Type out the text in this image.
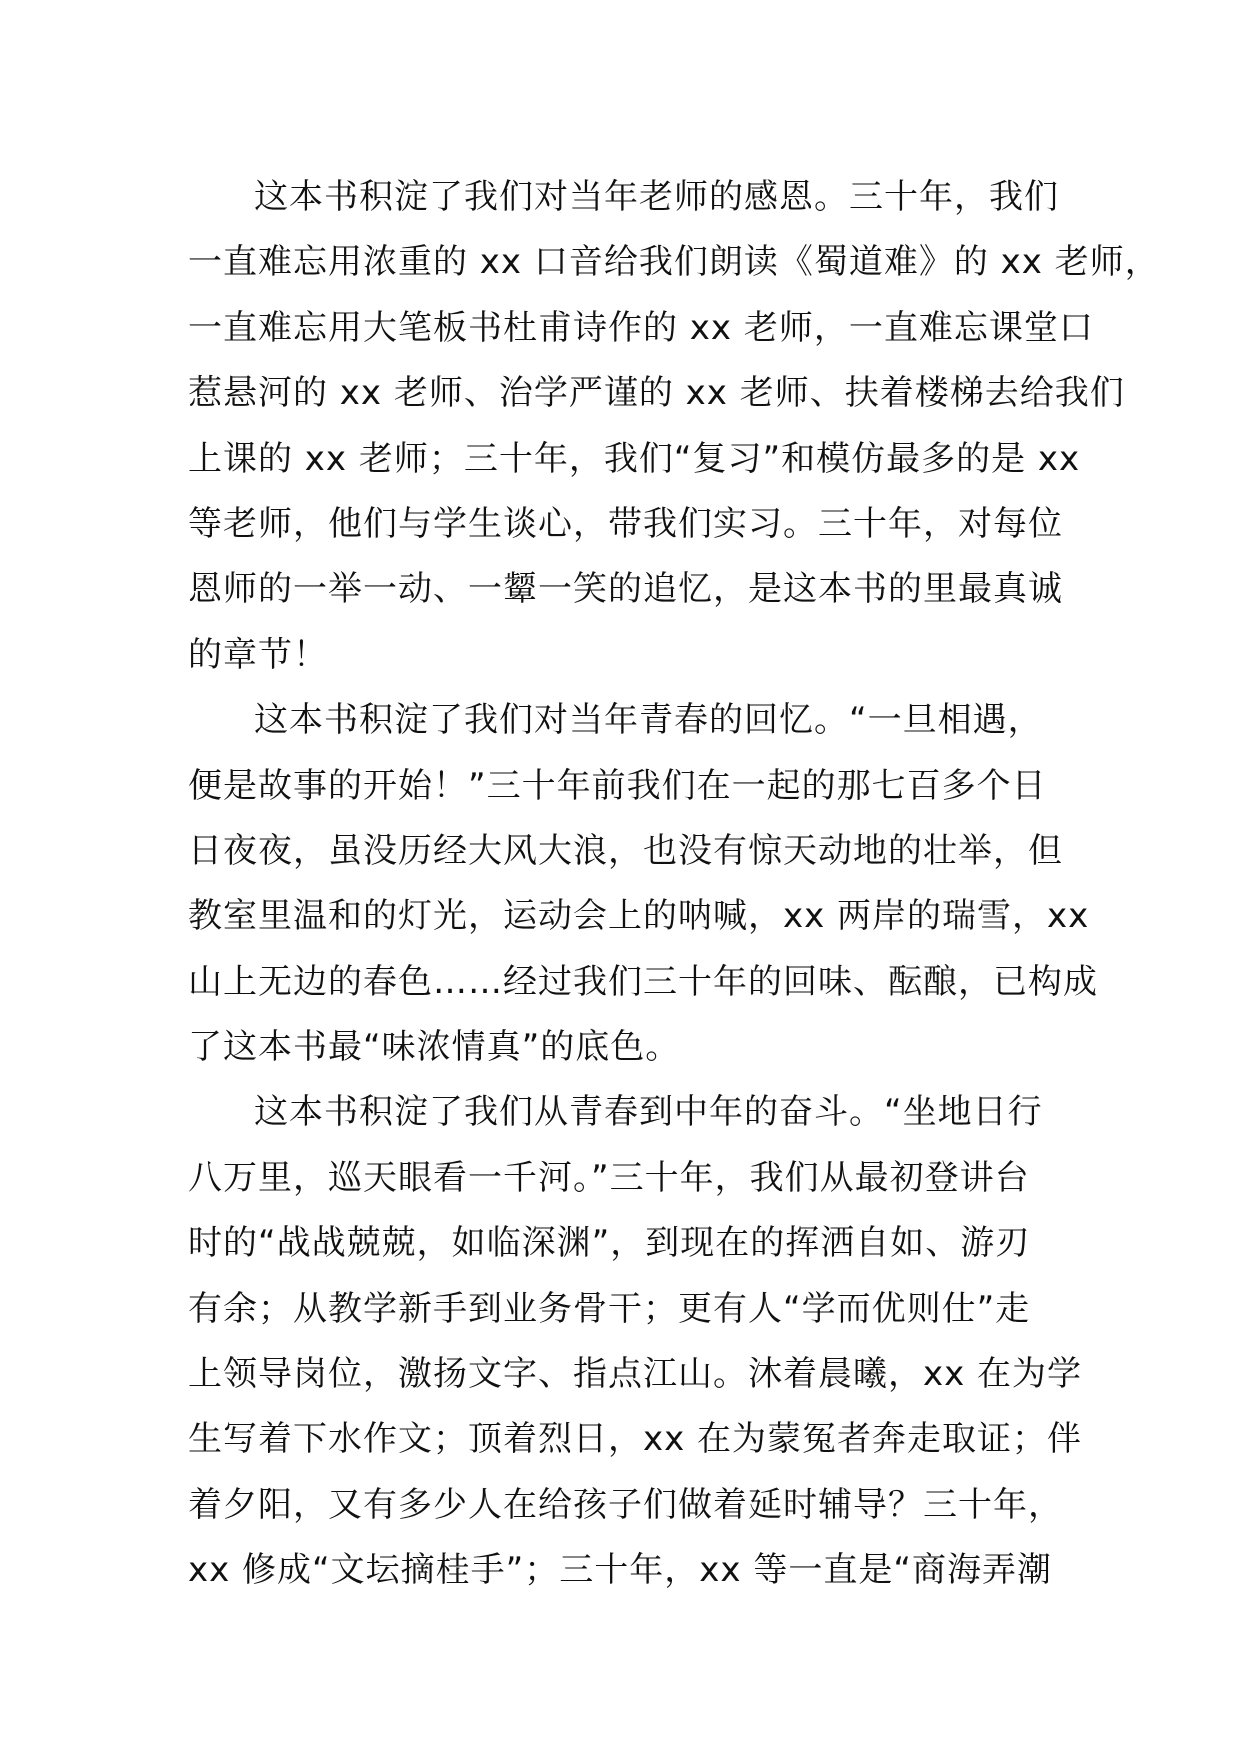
这本书积淀了我们对当年老师的感恩。三十年，我们
一直难忘用浓重的 xx 口音给我们朗读《蜀道难》的 xx 老师，
一直难忘用大笔板书杜甫诗作的 xx 老师，一直难忘课堂口
惹悬河的 xx 老师、治学严谨的 xx 老师、扶着楼梯去给我们
上课的 xx 老师；三十年，我们“复习”和模仿最多的是 xx
等老师，他们与学生谈心，带我们实习。三十年，对每位
恩师的一举一动、一颦一笑的追忆，是这本书的里最真诚
的章节！
这本书积淀了我们对当年青春的回忆。“一旦相遇，
便是故事的开始！”三十年前我们在一起的那七百多个日
日夜夜，虽没历经大风大浪，也没有惊天动地的壮举，但
教室里温和的灯光，运动会上的呐喊，xx 两岸的瑞雪，xx
山上无边的春色……经过我们三十年的回味、酝酿，已构成
了这本书最“味浓情真”的底色。
这本书积淀了我们从青春到中年的奋斗。“坐地日行
八万里，巡天眼看一千河。”三十年，我们从最初登讲台
时的“战战兢兢，如临深渊”，到现在的挥洒自如、游刃
有余；从教学新手到业务骨干；更有人“学而优则仕”走
上领导岗位，激扬文字、指点江山。沐着晨曦，xx 在为学
生写着下水作文；顶着烈日，xx 在为蒙冤者奔走取证；伴
着夕阳，又有多少人在给孩子们做着延时辅导？三十年，
xx 修成“文坛摘桂手”；三十年，xx 等一直是“商海弄潮
